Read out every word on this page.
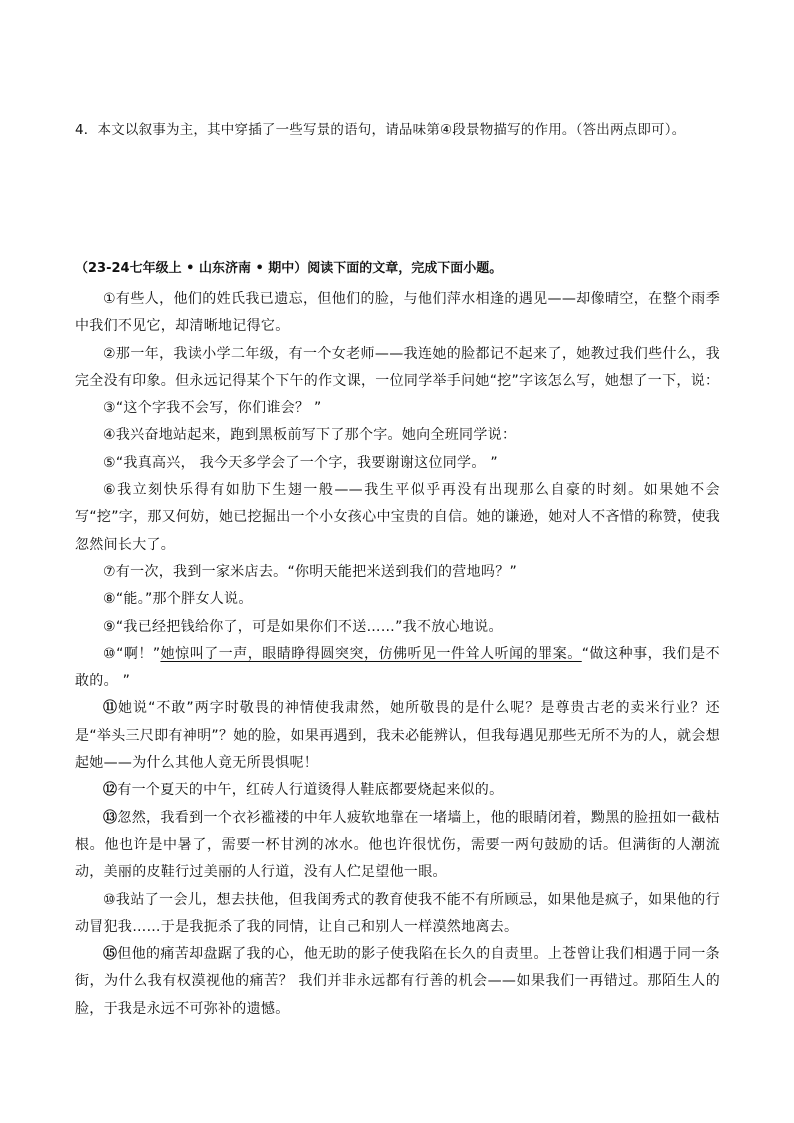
4．本文以叙事为主，其中穿插了一些写景的语句，请品味第④段景物描写的作用。（答出两点即可）。
（23-24七年级上 • 山东济南 • 期中）阅读下面的文章，完成下面小题。

①有些人，他们的姓氏我已遗忘，但他们的脸，与他们萍水相逢的遇见——却像晴空，在整个雨季中我们不见它，却清晰地记得它。

②那一年，我读小学二年级，有一个女老师——我连她的脸都记不起来了，她教过我们些什么，我完全没有印象。但永远记得某个下午的作文课，一位同学举手问她“挖”字该怎么写，她想了一下，说：

③“这个字我不会写，你们谁会？ ”

④我兴奋地站起来，跑到黑板前写下了那个字。她向全班同学说：

⑤“我真高兴， 我今天多学会了一个字，我要谢谢这位同学。 ”

⑥我立刻快乐得有如肋下生翅一般——我生平似乎再没有出现那么自豪的时刻。如果她不会写“挖”字，那又何妨，她已挖掘出一个小女孩心中宝贵的自信。她的谦逊，她对人不吝惜的称赞，使我忽然间长大了。

⑦有一次，我到一家米店去。“你明天能把米送到我们的营地吗？”

⑧“能。”那个胖女人说。

⑨“我已经把钱给你了，可是如果你们不送……”我不放心地说。

⑩“啊！”她惊叫了一声，眼睛睁得圆突突，仿佛听见一件耸人听闻的罪案。“做这种事，我们是不敢的。 ”

⑪她说“不敢”两字时敬畏的神情使我肃然，她所敬畏的是什么呢？是尊贵古老的卖米行业？还是“举头三尺即有神明”？她的脸，如果再遇到，我未必能辨认，但我每遇见那些无所不为的人，就会想起她——为什么其他人竟无所畏惧呢！

⑫有一个夏天的中午，红砖人行道烫得人鞋底都要烧起来似的。

⑬忽然，我看到一个衣衫褴褛的中年人疲软地靠在一堵墙上，他的眼睛闭着，黝黑的脸扭如一截枯根。他也许是中暑了，需要一杯甘洌的冰水。他也许很忧伤，需要一两句鼓励的话。但满街的人潮流动，美丽的皮鞋行过美丽的人行道，没有人伫足望他一眼。

⑩我站了一会儿，想去扶他，但我闺秀式的教育使我不能不有所顾忌，如果他是疯子，如果他的行动冒犯我……于是我扼杀了我的同情，让自己和别人一样漠然地离去。

⑮但他的痛苦却盘踞了我的心，他无助的影子使我陷在长久的自责里。上苍曾让我们相遇于同一条街，为什么我有权漠视他的痛苦？ 我们并非永远都有行善的机会——如果我们一再错过。那陌生人的脸，于我是永远不可弥补的遗憾。
